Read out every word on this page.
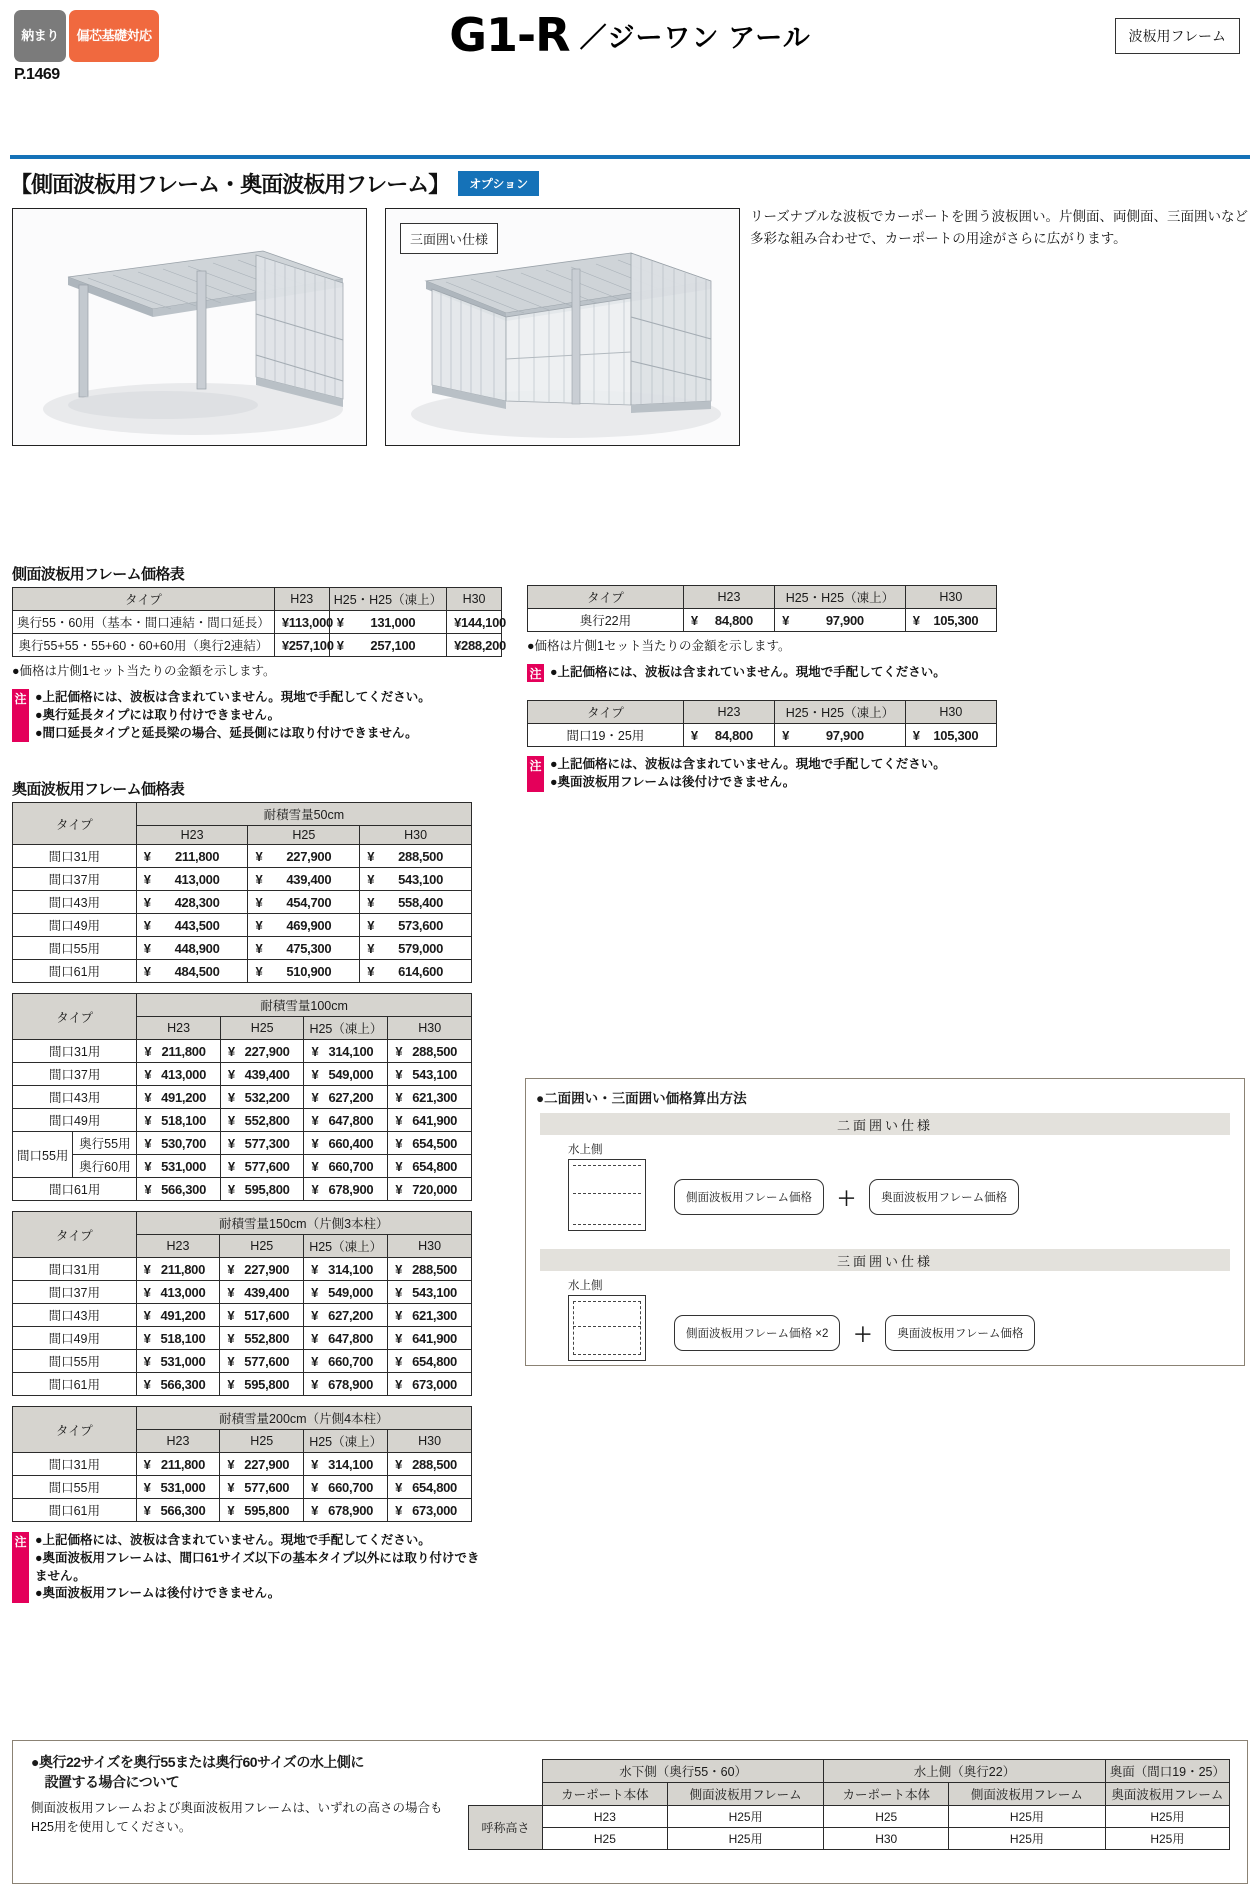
納まり	偏芯基礎対応
P.1469
G1-R ／ジーワン アール	波板用フレーム
【側面波板用フレーム・奥面波板用フレーム】	オプション
三面囲い仕様
リーズナブルな波板でカーポートを囲う波板囲い。片側面、両側面、三面囲いなど多彩な組み合わせで、カーポートの用途がさらに広がります。
側面波板用フレーム価格表
タイプ	H23	H25・H25（凍上）	H30
奥行55・60用（基本・間口連結・間口延長）	¥ 113,000	¥ 131,000	¥ 144,100
奥行55+55・55+60・60+60用（奥行2連結）	¥ 257,100	¥ 257,100	¥ 288,200
●価格は片側1セット当たりの金額を示します。
注 ●上記価格には、波板は含まれていません。現地で手配してください。
●奥行延長タイプには取り付けできません。
●間口延長タイプと延長梁の場合、延長側には取り付けできません。
タイプ	H23	H25・H25（凍上）	H30
奥行22用	¥ 84,800	¥ 97,900	¥ 105,300
●価格は片側1セット当たりの金額を示します。
注 ●上記価格には、波板は含まれていません。現地で手配してください。
奥面波板用フレーム価格表
タイプ	耐積雪量50cm		
	H23	H25	H30
間口31用	¥ 211,800	¥ 227,900	¥ 288,500
間口37用	¥ 413,000	¥ 439,400	¥ 543,100
間口43用	¥ 428,300	¥ 454,700	¥ 558,400
間口49用	¥ 443,500	¥ 469,900	¥ 573,600
間口55用	¥ 448,900	¥ 475,300	¥ 579,000
間口61用	¥ 484,500	¥ 510,900	¥ 614,600
タイプ		耐積雪量100cm			
		H23	H25	H25（凍上）	H30
間口31用		¥ 211,800	¥ 227,900	¥ 314,100	¥ 288,500
間口37用		¥ 413,000	¥ 439,400	¥ 549,000	¥ 543,100
間口43用		¥ 491,200	¥ 532,200	¥ 627,200	¥ 621,300
間口49用		¥ 518,100	¥ 552,800	¥ 647,800	¥ 641,900
間口55用	奥行55用	¥ 530,700	¥ 577,300	¥ 660,400	¥ 654,500
	奥行60用	¥ 531,000	¥ 577,600	¥ 660,700	¥ 654,800
間口61用		¥ 566,300	¥ 595,800	¥ 678,900	¥ 720,000
タイプ	耐積雪量150cm（片側3本柱）			
	H23	H25	H25（凍上）	H30
間口31用	¥ 211,800	¥ 227,900	¥ 314,100	¥ 288,500
間口37用	¥ 413,000	¥ 439,400	¥ 549,000	¥ 543,100
間口43用	¥ 491,200	¥ 517,600	¥ 627,200	¥ 621,300
間口49用	¥ 518,100	¥ 552,800	¥ 647,800	¥ 641,900
間口55用	¥ 531,000	¥ 577,600	¥ 660,700	¥ 654,800
間口61用	¥ 566,300	¥ 595,800	¥ 678,900	¥ 673,000
タイプ	耐積雪量200cm（片側4本柱）			
	H23	H25	H25（凍上）	H30
間口31用	¥ 211,800	¥ 227,900	¥ 314,100	¥ 288,500
間口55用	¥ 531,000	¥ 577,600	¥ 660,700	¥ 654,800
間口61用	¥ 566,300	¥ 595,800	¥ 678,900	¥ 673,000
注 ●上記価格には、波板は含まれていません。現地で手配してください。
●奥面波板用フレームは、間口61サイズ以下の基本タイプ以外には取り付けできません。
●奥面波板用フレームは後付けできません。
タイプ	H23	H25・H25（凍上）	H30
間口19・25用	¥ 84,800	¥ 97,900	¥ 105,300
注 ●上記価格には、波板は含まれていません。現地で手配してください。
●奥面波板用フレームは後付けできません。
●二面囲い・三面囲い価格算出方法
二面囲い仕様
水上側
側面波板用フレーム価格	＋	奥面波板用フレーム価格
三面囲い仕様
水上側
側面波板用フレーム価格 ×2	＋	奥面波板用フレーム価格
●奥行22サイズを奥行55または奥行60サイズの水上側に
　設置する場合について
側面波板用フレームおよび奥面波板用フレームは、いずれの高さの場合もH25用を使用してください。
	水下側（奥行55・60）		水上側（奥行22）		奥面（間口19・25）
	カーポート本体	側面波板用フレーム	カーポート本体	側面波板用フレーム	奥面波板用フレーム
呼称高さ	H23	H25用	H25	H25用	H25用
	H25	H25用	H30	H25用	H25用
